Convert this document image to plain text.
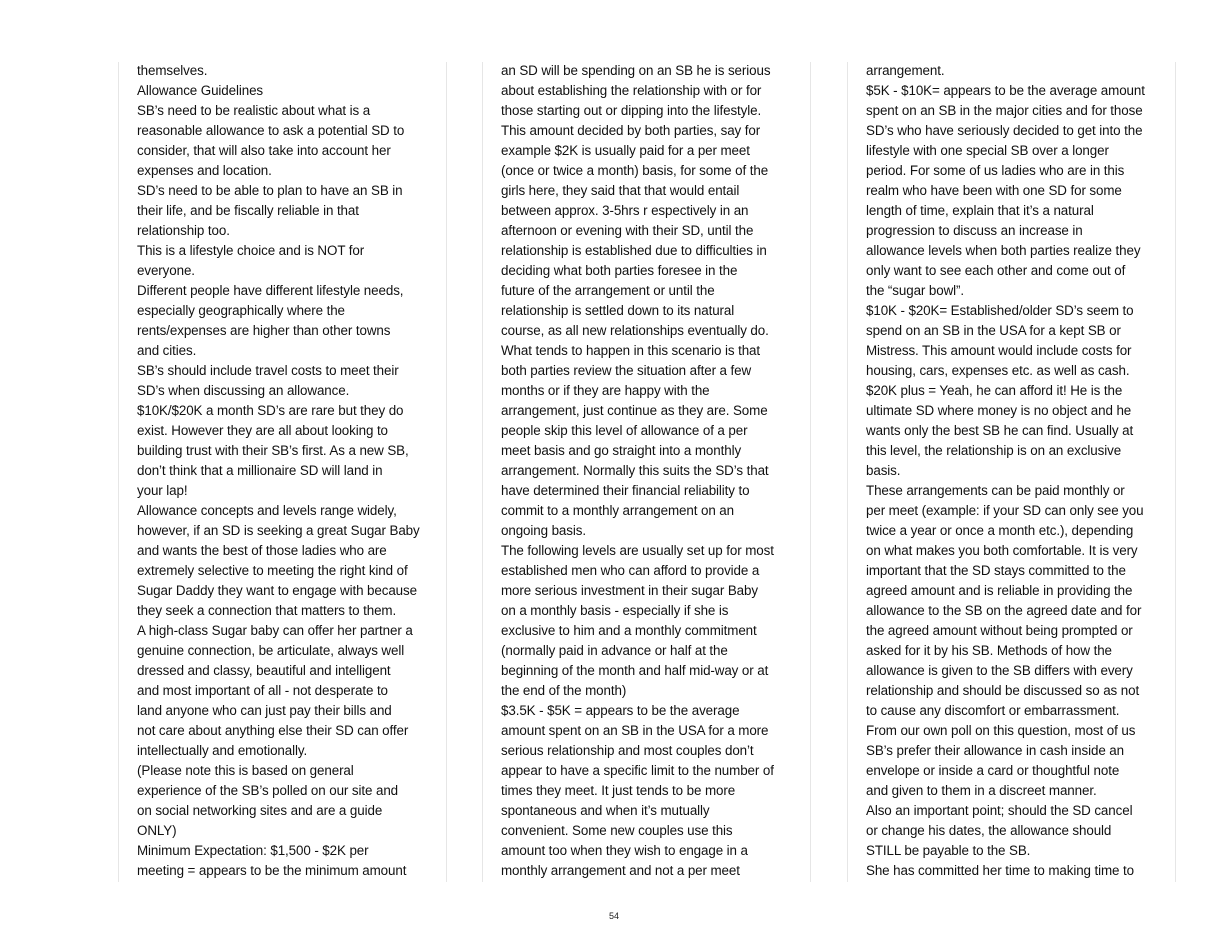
themselves.
Allowance Guidelines
SB’s need to be realistic about what is a
reasonable allowance to ask a potential SD to
consider, that will also take into account her
expenses and location.
SD’s need to be able to plan to have an SB in
their life, and be fiscally reliable in that
relationship too.
This is a lifestyle choice and is NOT for
everyone.
Different people have different lifestyle needs,
especially geographically where the
rents/expenses are higher than other towns
and cities.
SB’s should include travel costs to meet their
SD’s when discussing an allowance.
$10K/$20K a month SD’s are rare but they do
exist. However they are all about looking to
building trust with their SB’s first. As a new SB,
don’t think that a millionaire SD will land in
your lap!
Allowance concepts and levels range widely,
however, if an SD is seeking a great Sugar Baby
and wants the best of those ladies who are
extremely selective to meeting the right kind of
Sugar Daddy they want to engage with because
they seek a connection that matters to them.
A high-class Sugar baby can offer her partner a
genuine connection, be articulate, always well
dressed and classy, beautiful and intelligent
and most important of all - not desperate to
land anyone who can just pay their bills and
not care about anything else their SD can offer
intellectually and emotionally.
(Please note this is based on general
experience of the SB’s polled on our site and
on social networking sites and are a guide
ONLY)
Minimum Expectation: $1,500 - $2K per
meeting = appears to be the minimum amount
an SD will be spending on an SB he is serious
about establishing the relationship with or for
those starting out or dipping into the lifestyle.
This amount decided by both parties, say for
example $2K is usually paid for a per meet
(once or twice a month) basis, for some of the
girls here, they said that that would entail
between approx. 3-5hrs r espectively in an
afternoon or evening with their SD, until the
relationship is established due to difficulties in
deciding what both parties foresee in the
future of the arrangement or until the
relationship is settled down to its natural
course, as all new relationships eventually do.
What tends to happen in this scenario is that
both parties review the situation after a few
months or if they are happy with the
arrangement, just continue as they are. Some
people skip this level of allowance of a per
meet basis and go straight into a monthly
arrangement. Normally this suits the SD’s that
have determined their financial reliability to
commit to a monthly arrangement on an
ongoing basis.
The following levels are usually set up for most
established men who can afford to provide a
more serious investment in their sugar Baby
on a monthly basis - especially if she is
exclusive to him and a monthly commitment
(normally paid in advance or half at the
beginning of the month and half mid-way or at
the end of the month)
$3.5K - $5K = appears to be the average
amount spent on an SB in the USA for a more
serious relationship and most couples don’t
appear to have a specific limit to the number of
times they meet. It just tends to be more
spontaneous and when it’s mutually
convenient. Some new couples use this
amount too when they wish to engage in a
monthly arrangement and not a per meet
arrangement.
$5K - $10K= appears to be the average amount
spent on an SB in the major cities and for those
SD’s who have seriously decided to get into the
lifestyle with one special SB over a longer
period. For some of us ladies who are in this
realm who have been with one SD for some
length of time, explain that it’s a natural
progression to discuss an increase in
allowance levels when both parties realize they
only want to see each other and come out of
the “sugar bowl”.
$10K - $20K= Established/older SD’s seem to
spend on an SB in the USA for a kept SB or
Mistress. This amount would include costs for
housing, cars, expenses etc. as well as cash.
$20K plus = Yeah, he can afford it! He is the
ultimate SD where money is no object and he
wants only the best SB he can find. Usually at
this level, the relationship is on an exclusive
basis.
These arrangements can be paid monthly or
per meet (example: if your SD can only see you
twice a year or once a month etc.), depending
on what makes you both comfortable. It is very
important that the SD stays committed to the
agreed amount and is reliable in providing the
allowance to the SB on the agreed date and for
the agreed amount without being prompted or
asked for it by his SB. Methods of how the
allowance is given to the SB differs with every
relationship and should be discussed so as not
to cause any discomfort or embarrassment.
From our own poll on this question, most of us
SB’s prefer their allowance in cash inside an
envelope or inside a card or thoughtful note
and given to them in a discreet manner.
Also an important point; should the SD cancel
or change his dates, the allowance should
STILL be payable to the SB.
She has committed her time to making time to
54
